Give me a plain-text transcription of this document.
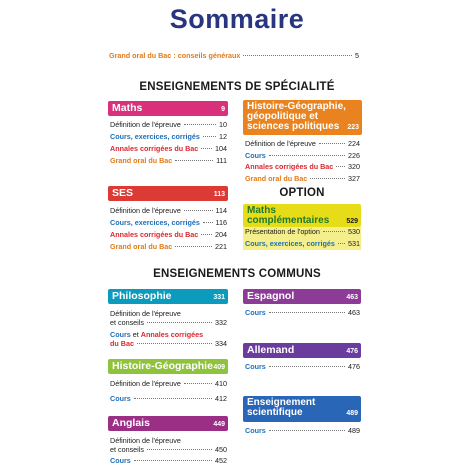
Sommaire
Grand oral du Bac : conseils généraux	5
ENSEIGNEMENTS DE SPÉCIALITÉ
Maths	9
Définition de l'épreuve	10
Cours, exercices, corrigés	12
Annales corrigées du Bac 104
Grand oral du Bac	111
Histoire-Géographie,
géopolitique et
sciences politiques 223
Définition de l'épreuve	224
Cours	226
Annales corrigées du Bac 320
Grand oral du Bac	327
SES	113
Définition de l'épreuve	114
Cours, exercices, corrigés 116
Annales corrigées du Bac 204
Grand oral du Bac	221
OPTION
Maths
complémentaires 529
Présentation de l'option	530
Cours, exercices, corrigés 531
ENSEIGNEMENTS COMMUNS
Philosophie	331
Définition de l'épreuve
et conseils	332
Cours et Annales corrigées
du Bac	334
Histoire-Géographie 409
Définition de l'épreuve	410
Cours	412
Anglais	449
Définition de l'épreuve
et conseils	450
Cours	452
Espagnol	463
Cours	463
Allemand	476
Cours	476
Enseignement
scientifique	489
Cours	489
